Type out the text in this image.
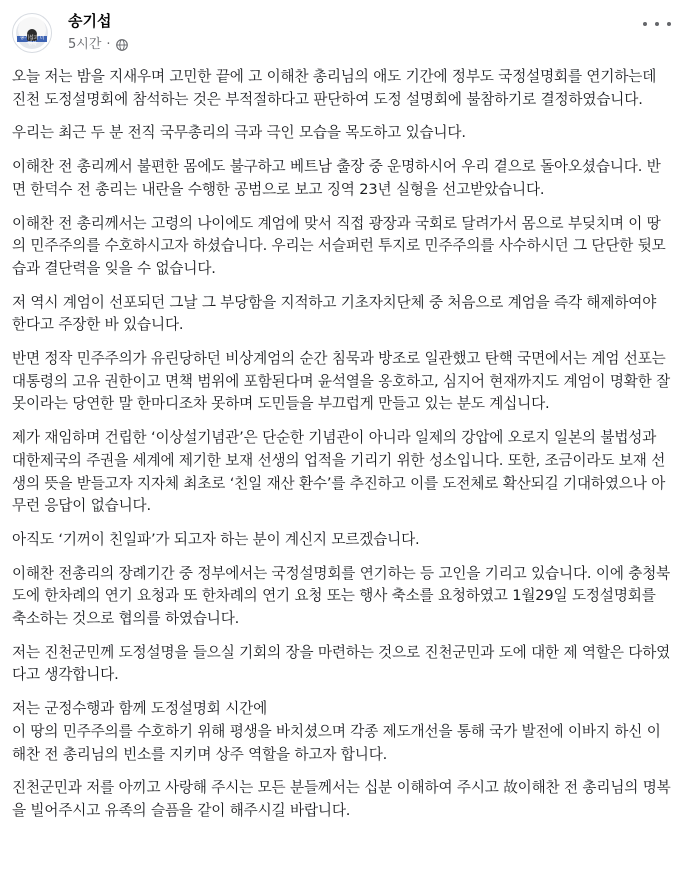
송기섭과 더 행복
송기섭
5시간 ·

오늘 저는 밤을 지새우며 고민한 끝에 고 이해찬 총리님의 애도 기간에 정부도 국정설명회를 연기하는데 진천 도정설명회에 참석하는 것은 부적절하다고 판단하여 도정 설명회에 불참하기로 결정하였습니다.

우리는 최근 두 분 전직 국무총리의 극과 극인 모습을 목도하고 있습니다.

이해찬 전 총리께서 불편한 몸에도 불구하고 베트남 출장 중 운명하시어 우리 곁으로 돌아오셨습니다. 반면 한덕수 전 총리는 내란을 수행한 공범으로 보고 징역 23년 실형을 선고받았습니다.

이해찬 전 총리께서는 고령의 나이에도 계엄에 맞서 직접 광장과 국회로 달려가서 몸으로 부딪치며 이 땅의 민주주의를 수호하시고자 하셨습니다. 우리는 서슬퍼런 투지로 민주주의를 사수하시던 그 단단한 뒷모습과 결단력을 잊을 수 없습니다.

저 역시 계엄이 선포되던 그날 그 부당함을 지적하고 기초자치단체 중 처음으로 계엄을 즉각 해제하여야 한다고 주장한 바 있습니다.

반면 정작 민주주의가 유린당하던 비상계엄의 순간 침묵과 방조로 일관했고 탄핵 국면에서는 계엄 선포는 대통령의 고유 권한이고 면책 범위에 포함된다며 윤석열을 옹호하고, 심지어 현재까지도 계엄이 명확한 잘못이라는 당연한 말 한마디조차 못하며 도민들을 부끄럽게 만들고 있는 분도 계십니다.

제가 재임하며 건립한 ‘이상설기념관’은 단순한 기념관이 아니라 일제의 강압에 오로지 일본의 불법성과 대한제국의 주권을 세계에 제기한 보재 선생의 업적을 기리기 위한 성소입니다. 또한, 조금이라도 보재 선생의 뜻을 받들고자 지자체 최초로 ‘친일 재산 환수’를 추진하고 이를 도전체로 확산되길 기대하였으나 아무런 응답이 없습니다.

아직도 ‘기꺼이 친일파’가 되고자 하는 분이 계신지 모르겠습니다.

이해찬 전총리의 장례기간 중 정부에서는 국정설명회를 연기하는 등 고인을 기리고 있습니다. 이에 충청북도에 한차례의 연기 요청과 또 한차례의 연기 요청 또는 행사 축소를 요청하였고 1월29일 도정설명회를 축소하는 것으로 협의를 하였습니다.

저는 진천군민께 도정설명을 들으실 기회의 장을 마련하는 것으로 진천군민과 도에 대한 제 역할은 다하였다고 생각합니다.

저는 군정수행과 함께 도정설명회 시간에
이 땅의 민주주의를 수호하기 위해 평생을 바치셨으며 각종 제도개선을 통해 국가 발전에 이바지 하신 이해찬 전 총리님의 빈소를 지키며 상주 역할을 하고자 합니다.

진천군민과 저를 아끼고 사랑해 주시는 모든 분들께서는 십분 이해하여 주시고 故이해찬 전 총리님의 명복을 빌어주시고 유족의 슬픔을 같이 해주시길 바랍니다.
